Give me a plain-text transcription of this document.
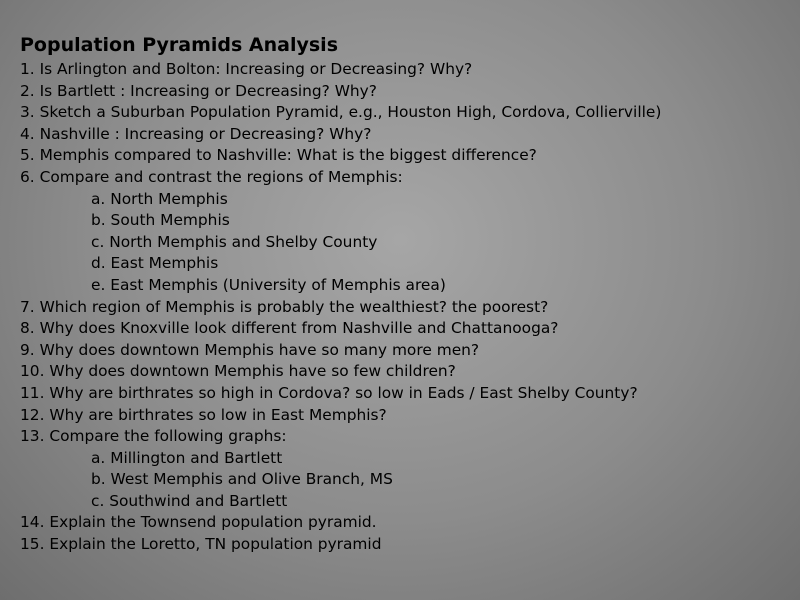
Population Pyramids Analysis
1. Is Arlington and Bolton: Increasing or Decreasing? Why?
2. Is Bartlett : Increasing or Decreasing? Why?
3. Sketch a Suburban Population Pyramid, e.g., Houston High, Cordova, Collierville)
4. Nashville : Increasing or Decreasing? Why?
5. Memphis compared to Nashville: What is the biggest difference?
6. Compare and contrast the regions of Memphis:
a. North Memphis
b. South Memphis
c. North Memphis and Shelby County
d. East Memphis
e. East Memphis (University of Memphis area)
7. Which region of Memphis is probably the wealthiest? the poorest?
8. Why does Knoxville look different from Nashville and Chattanooga?
9. Why does downtown Memphis have so many more men?
10. Why does downtown Memphis have so few children?
11. Why are birthrates so high in Cordova? so low in Eads / East Shelby County?
12. Why are birthrates so low in East Memphis?
13. Compare the following graphs:
a. Millington and Bartlett
b. West Memphis and Olive Branch, MS
c. Southwind and Bartlett
14. Explain the Townsend population pyramid.
15. Explain the Loretto, TN population pyramid
